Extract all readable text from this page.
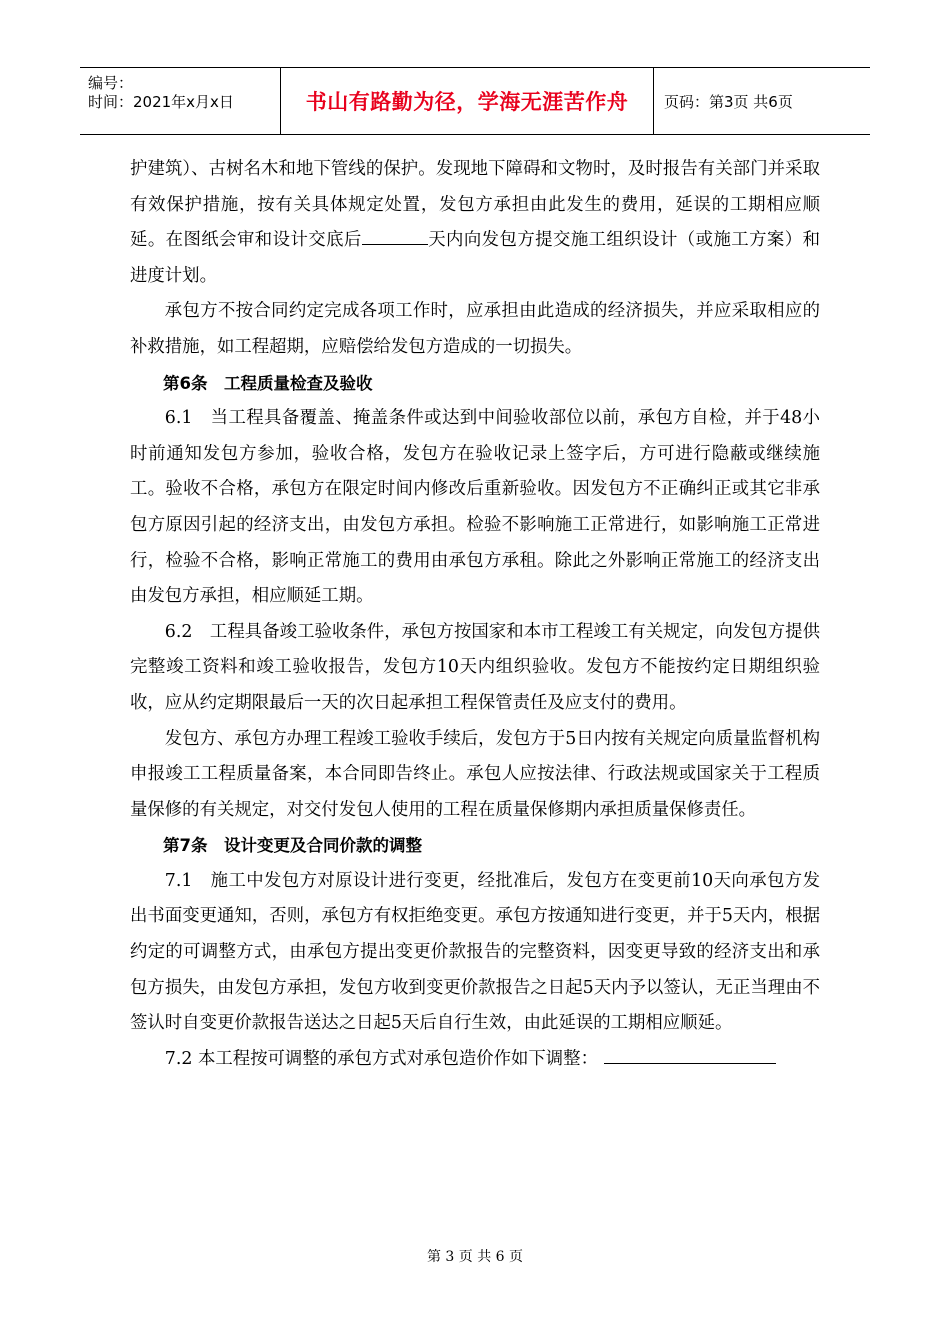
编号：
时间：2021年x月x日	书山有路勤为径，学海无涯苦作舟	页码：第3页 共6页

护建筑）、古树名木和地下管线的保护。发现地下障碍和文物时，及时报告有关部门并采取有效保护措施，按有关具体规定处置，发包方承担由此发生的费用，延误的工期相应顺延。在图纸会审和设计交底后	天内向发包方提交施工组织设计（或施工方案）和进度计划。

承包方不按合同约定完成各项工作时，应承担由此造成的经济损失，并应采取相应的补救措施，如工程超期，应赔偿给发包方造成的一切损失。

第6条　工程质量检查及验收

6.1　当工程具备覆盖、掩盖条件或达到中间验收部位以前，承包方自检，并于48小时前通知发包方参加，验收合格，发包方在验收记录上签字后，方可进行隐蔽或继续施工。验收不合格，承包方在限定时间内修改后重新验收。因发包方不正确纠正或其它非承包方原因引起的经济支出，由发包方承担。检验不影响施工正常进行，如影响施工正常进行，检验不合格，影响正常施工的费用由承包方承租。除此之外影响正常施工的经济支出由发包方承担，相应顺延工期。

6.2　工程具备竣工验收条件，承包方按国家和本市工程竣工有关规定，向发包方提供完整竣工资料和竣工验收报告，发包方10天内组织验收。发包方不能按约定日期组织验收，应从约定期限最后一天的次日起承担工程保管责任及应支付的费用。

发包方、承包方办理工程竣工验收手续后，发包方于5日内按有关规定向质量监督机构申报竣工工程质量备案，本合同即告终止。承包人应按法律、行政法规或国家关于工程质量保修的有关规定，对交付发包人使用的工程在质量保修期内承担质量保修责任。

第7条　设计变更及合同价款的调整

7.1　施工中发包方对原设计进行变更，经批准后，发包方在变更前10天向承包方发出书面变更通知，否则，承包方有权拒绝变更。承包方按通知进行变更，并于5天内，根据约定的可调整方式，由承包方提出变更价款报告的完整资料，因变更导致的经济支出和承包方损失，由发包方承担，发包方收到变更价款报告之日起5天内予以签认，无正当理由不签认时自变更价款报告送达之日起5天后自行生效，由此延误的工期相应顺延。

7.2 本工程按可调整的承包方式对承包造价作如下调整：

第 3 页 共 6 页
